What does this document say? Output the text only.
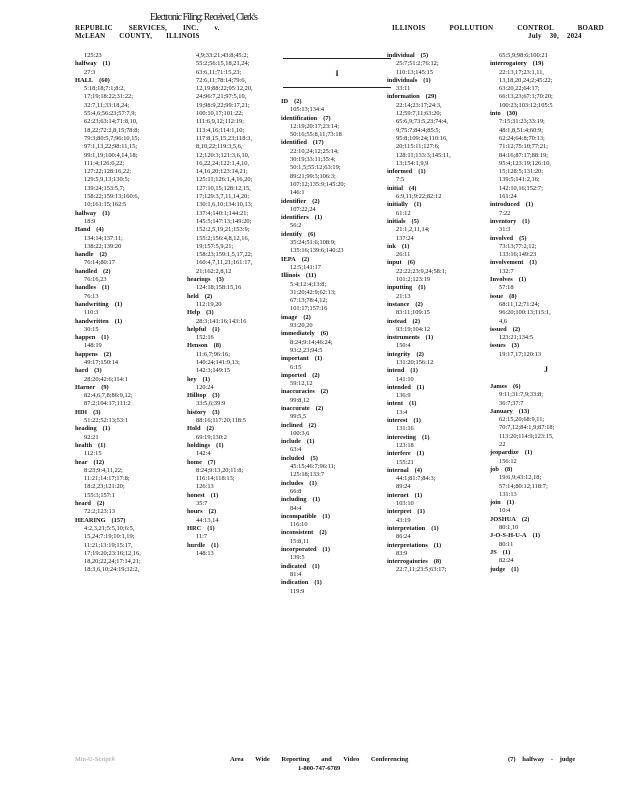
Electronic Filing: Received, Clerk's
REPUBLIC SERVICES, INC. v.
McLEAN COUNTY, ILLINOIS
ILLINOIS POLLUTION CONTROL BOARD
July 30, 2024
125:23
halfway (1)
27:3
HALL (60)
5:18;18;7:1;8:2,
17;19;18:22;31:22;
32:7,11;33:18,24;
55:4,6;56:23;57:7,9;
62:23;63:14;71:8,10,
18,22;72:2,8,15;78:8;
79:3;80:5,7;96:10,15;
97:1,13,22;98:11,15;
99:1,19;100:4,14,18;
111:4;126:6,22;
127:22;128:16,22;
129:5,9,13;130:5;
139:24;153:5,7;
158:22;159:13;160:6,
10;161:15;162:5
hallway (1)
18:9
Hand (4)
134:14;137:11;
138:22;139:20
handle (2)
76:14;80:17
handled (2)
76:16,23
handles (1)
76:13
handwriting (1)
110:3
handwritten (1)
30:15
happen (1)
148:19
happens (2)
49:17;150:14
hard (3)
28:20;42:6;114:1
Harner (9)
82:4,6,7,8;86:9,12;
87:2;104:17;111:2
HDI (3)
51:22;52:13;53:1
heading (1)
92:21
health (1)
112:15
hear (12)
8:23;9:4,11,22;
11:21;14:17;17:8;
18:2,23;121:20;
155:3;157:1
heard (2)
72:2;123:13
HEARING (157)
4:2,3,21;5:5,10;6:5,
15,24;7:19;10:1,19;
11:21;13:19;15:17,
17;19:20;23:16;12,16,
18,20;22,24;17:14,21;
18:3,6,10;24:19;32:2,
4,9;33:21;43:8;45:2;
55:2;56:15,18,21,24;
63:6,11;71:15,23;
72:6,11;78:14;79:6,
12,19;88:22;95:12,20,
24;96:7,21;97:5,10,
19;98:9,22;99:17,21;
100:10,17;101:22;
111:6,9,12;112:19;
113:4,16;114:1,10;
117:8,15,15,23;118:3,
8,10,22;119:3,5,6,
12;120:3;121:3,6,10,
16,22,24;122:1,4,10,
14,16,20;123:14,21;
125:11;126:1,4,16,20;
127:10,15;128:12,15,
17;129:3,7,11,14,20;
130:1,6,10;134:10,13;
137:4;140:1;144:21;
145:5;147:13;149:20;
152:2,5,19,21;153:9;
155:2;156:4,8,12,16,
19;157:5,9,21;
158:23;159:1,5,17,22;
160:4,7,11,21;161:17,
21;162:2,8,12
hearings (3)
124:18;158:15,16
held (2)
112:19,20
Help (3)
28:3;141:16;143:16
helpful (1)
152:16
Henson (8)
11:6,7;96:16;
140:24;141:9,13;
142:3;149:15
hey (1)
120:24
Hilltop (3)
33:5,6;39:9
history (3)
88:16;117:20;118:5
Hold (2)
69:19;130:2
holdings (1)
142:4
home (7)
8:24;9:13,20;11:8;
116:14;118:13;
126:13
honest (1)
35:7
hours (2)
44:13,14
HRC (1)
11:7
hurdle (1)
148:13
I
ID (2)
105:13;134:4
identification (7)
12:19;20:17;23:14;
50:16;55:8,11;73:18
identified (17)
22:10,24;12;25:14;
30:19;33:11;35:4;
50:1,5;55:12;63:19;
89:21;99:3;106:3;
107:12;135:9;145:20;
146:1
identifier (2)
107:22,24
identifiers (1)
56:2
identify (6)
35:24;51:6;108:9;
135:16;139:6;140:23
IEPA (2)
12:5;141:17
Illinois (11)
5:4;12:4;13:8;
31:20;42:9;62:13;
67:13;78:4,12;
101:17;157:16
image (2)
93:20,20
immediately (6)
8:24;9:14;46:24;
93:2,23;94:5
important (1)
6:15
imported (2)
59:12,12
inaccuracies (2)
99:8,12
inaccurate (2)
99:5,5
inclined (2)
100:3,6
include (1)
63:4
included (5)
45:15;46:7;96:11;
125:18;133:7
includes (1)
66:8
including (1)
84:4
incompatible (1)
116:10
inconsistent (2)
15:8,11
incorporated (1)
139:5
indicated (1)
81:4
indication (1)
119:9
individual (5)
25:7;51:2;76:12;
110:13;145:15
individuals (1)
33:11
information (29)
22:14;23:17;24:3,
12;59:7,11;63:20;
65:6,9;73:5,23;74:4,
9;75:7;84:4;85:5;
95:8;109:24;110:16,
20;115:11;127:6;
128:11;133:3;145:11,
13;154:1,9,9
informed (1)
7:5
initial (4)
6:9,11;9:22;82:12
initially (1)
61:12
initials (5)
21:1,2,11,14;
137:24
ink (1)
26:11
input (6)
22:22;23:9,24;58:1;
101:2;123:19
inputting (1)
21:13
instance (2)
83:11;109:15
instead (2)
93:19;104:12
instruments (1)
150:4
integrity (2)
131:20;156:12
intend (1)
141:10
intended (1)
136:9
intent (1)
13:4
interest (1)
131:16
interesting (1)
123:18
interfere (1)
155:21
internal (4)
44:1;81:7;84:3;
89:24
internet (1)
103:10
interpret (1)
43:19
interpretation (1)
86:24
interpretations (1)
83:9
interrogatories (8)
22:7,11;23:5;63:17;
65:5,9;98:6;100:21
interrogatory (19)
22:13,17;23:1,11,
13,18,20,24;2;45:22;
63:20,22;64:17;
66:13,23;67:1;70:20;
100:23;103:12;105:5
into (30)
7:15;31:23;33:19;
48:1,8,51:4;60:9;
62:24;64:8;70:13;
71:12;75:10;77:21;
84:16;87:17;88:19;
95:4;123:19;126:10,
15;128:5;131:20;
139:5;141:2,16;
142:10,16;152:7;
161:24
introduced (1)
7:22
inventory (1)
31:3
involved (5)
73:13;77:2,12;
133:16;149:23
involvement (1)
132:7
Involves (1)
57:18
issue (8)
68:11,12;71:24;
96:20;100:13;115:1,
4,6
issued (2)
123:21;134:5
issues (3)
19:17,17;120:13
J
James (6)
9:11;31:7,9;33:8;
36:7;37:7
January (13)
62:15,20;68:9,11;
70:7,12;84:1,9;87:18;
113:20;114:9;123:15,
22
jeopardize (1)
156:12
job (8)
19:6,9;43:12,18;
57:14;80:12;118:7;
131:13
join (1)
10:4
JOSHUA (2)
80:1,10
J-O-S-H-U-A (1)
80:11
JS (1)
82:24
judge (1)
Min-U-Script®	Area Wide Reporting and Video Conferencing
1-800-747-6789
(7) halfway - judge
